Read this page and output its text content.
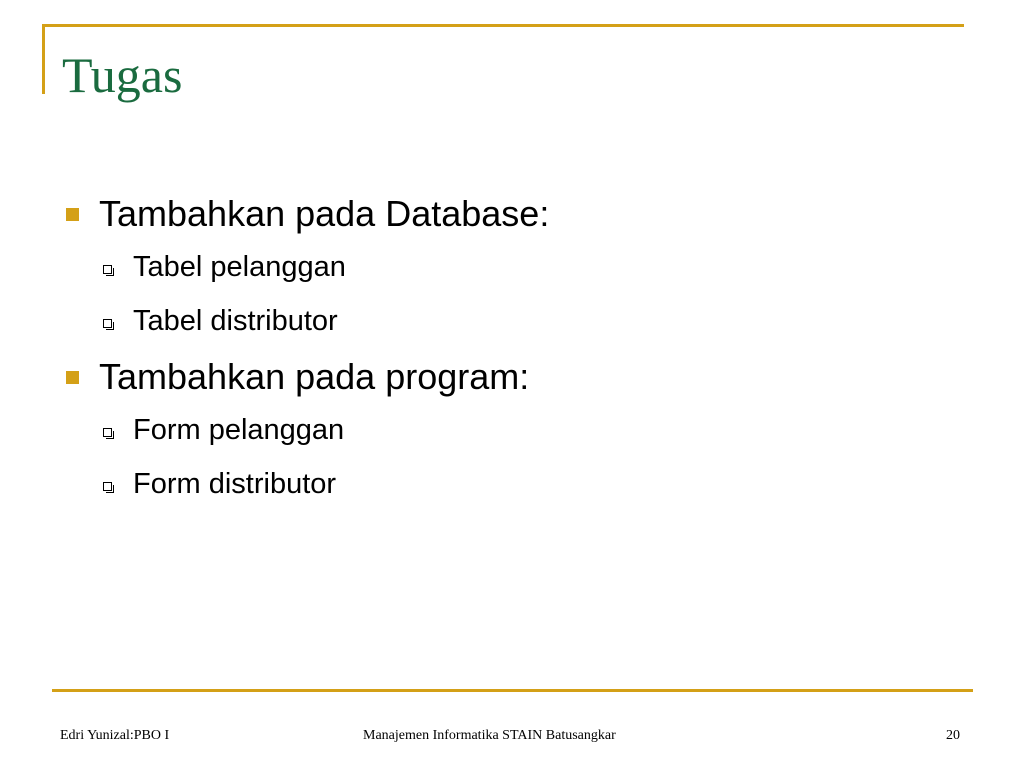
Tugas
Tambahkan pada Database:
Tabel pelanggan
Tabel distributor
Tambahkan pada program:
Form pelanggan
Form distributor
Edri Yunizal:PBO I	Manajemen Informatika STAIN Batusangkar	20
